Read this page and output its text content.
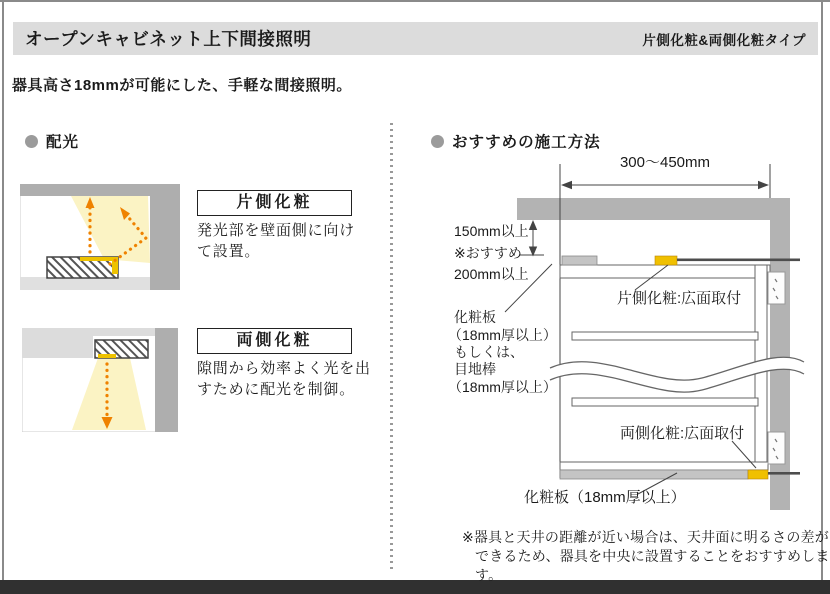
オープンキャビネット上下間接照明	片側化粧&両側化粧タイプ
器具高さ18mmが可能にした、手軽な間接照明。
配光
片側化粧
発光部を壁面側に向け
て設置。
両側化粧
隙間から効率よく光を出
すために配光を制御。
おすすめの施工方法
300～450mm
150mm以上
※おすすめ
200mm以上
片側化粧:広面取付
両側化粧:広面取付
化粧板
（18mm厚以上）
もしくは、
目地棒
（18mm厚以上）
化粧板（18mm厚以上）
※器具と天井の距離が近い場合は、天井面に明るさの差が
できるため、器具を中央に設置することをおすすめします。
